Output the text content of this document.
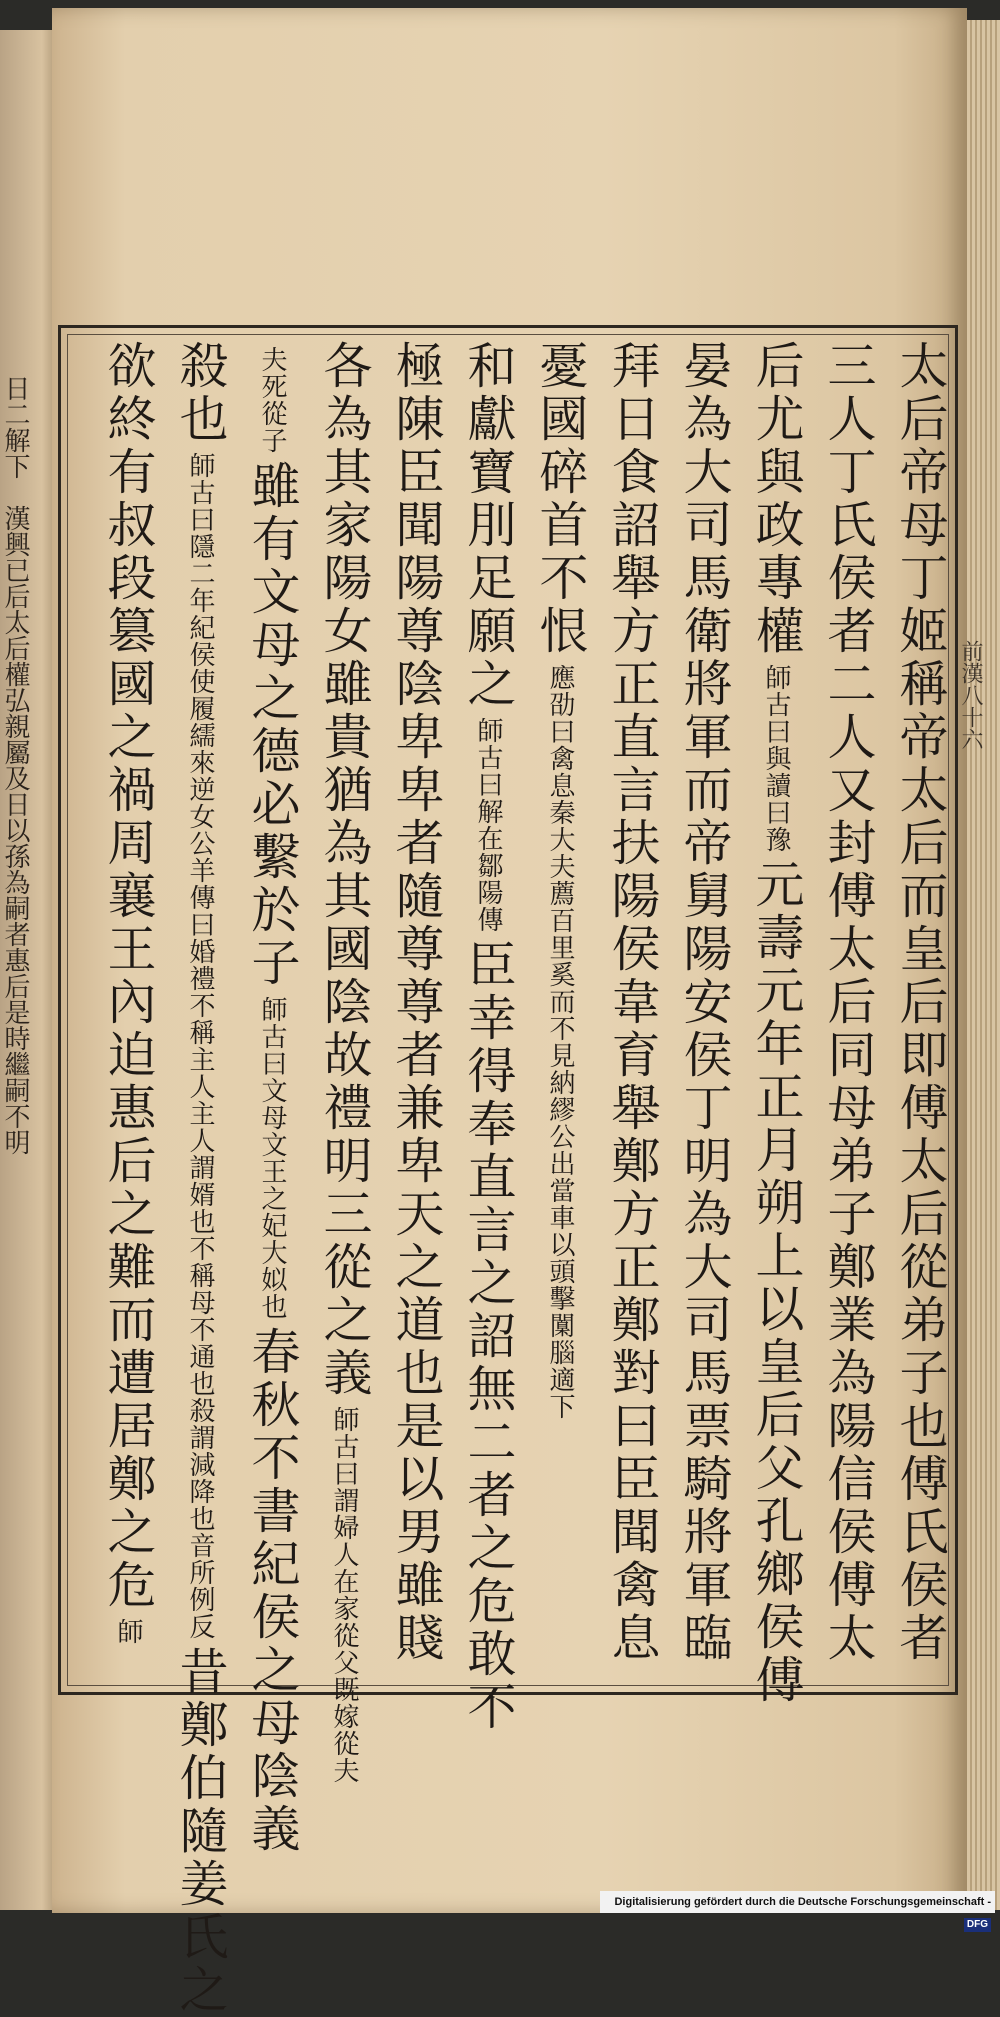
日二解下　漢興已后太后權弘親屬及日以孫為嗣者惠后是時繼嗣不明	太后帝母丁姬稱帝太后而皇后即傅太后從弟子也傅氏侯者
三人丁氏侯者二人又封傅太后同母弟子鄭業為陽信侯傅太
后尤與政專權師古曰與讀曰豫元壽元年正月朔上以皇后父孔鄉侯傅
晏為大司馬衛將軍而帝舅陽安侯丁明為大司馬票騎將軍臨
拜日食詔舉方正直言扶陽侯韋育舉鄭方正鄭對曰臣聞禽息
憂國碎首不恨應劭曰禽息秦大夫薦百里奚而不見納繆公出當車以頭擊闑腦適下
和獻寶刖足願之師古曰解在鄒陽傳臣幸得奉直言之詔無二者之危敢不
極陳臣聞陽尊陰卑卑者隨尊尊者兼卑天之道也是以男雖賤
各為其家陽女雖貴猶為其國陰故禮明三從之義師古曰謂婦人在家從父既嫁從夫
夫死從子雖有文母之德必繫於子師古曰文母文王之妃大姒也春秋不書紀侯之母陰義
殺也師古曰隱二年紀侯使履繻來逆女公羊傳曰婚禮不稱主人主人謂婿也不稱母不通也殺謂減降也音所例反昔鄭伯隨姜氏之
欲終有叔段篡國之禍周襄王內迫惠后之難而遭居鄭之危師
前漢八十六
Digitalisierung gefördert durch die Deutsche Forschungsgemeinschaft -DFG
